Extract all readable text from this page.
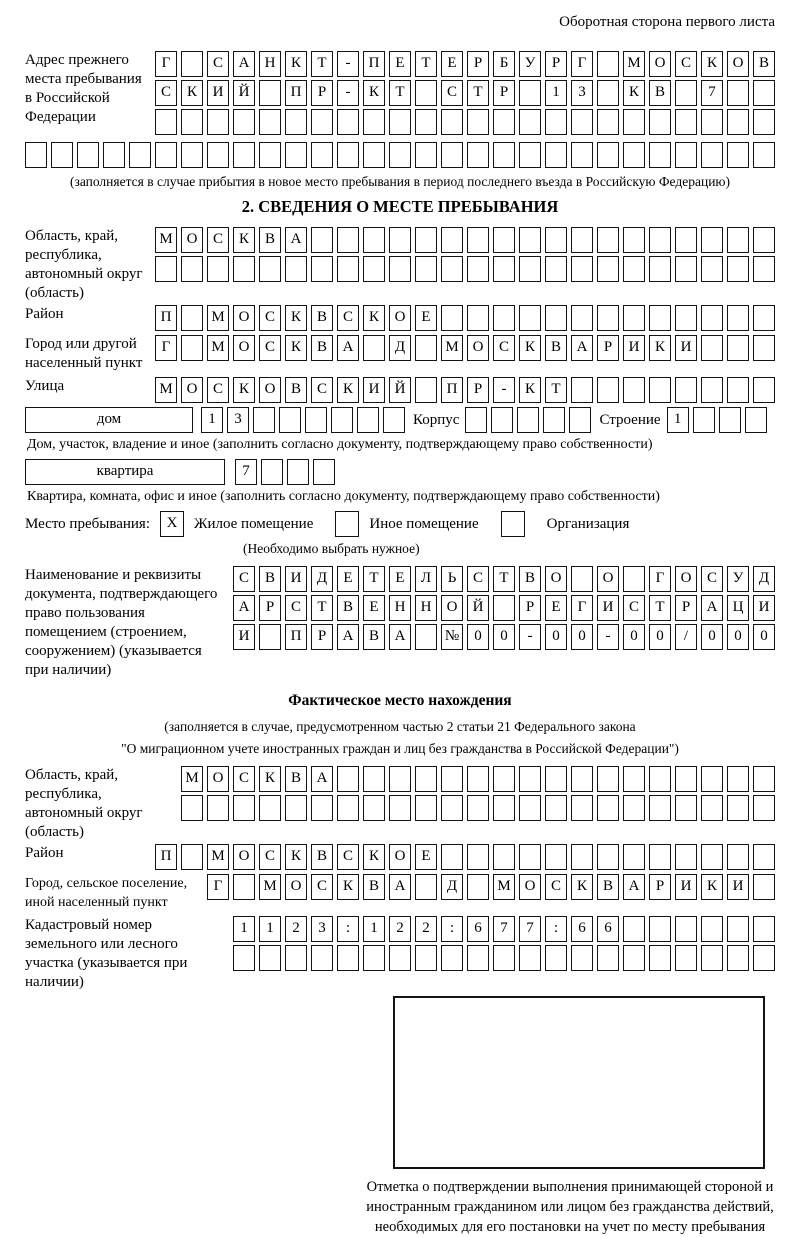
Оборотная сторона первого листа
Адрес прежнего места пребывания в Российской Федерации
Г	С	А	Н	К	Т	-	П	Е	Т	Е	Р	Б	У	Р	Г	М О	С	К	О	В
С	К	И	Й	П	Р	-	К	Т	С	Т	Р	1	3	К	В	7
(заполняется в случае прибытия в новое место пребывания в период последнего въезда в Российскую Федерацию)
2. СВЕДЕНИЯ О МЕСТЕ ПРЕБЫВАНИЯ
Область, край, республика, автономный округ (область)
М О	С	К	В	А
Район	П	М О	С	К	В	С	К	О	Е
Город или другой населенный пункт
Г	М О	С	К	В	А	Д	М О	С	К	В	А	Р	И	К	И
Улица	М О	С	К	О	В	С	К	И	Й	П	Р	-	К	Т
дом	1	3	Корпус	Строение 1
Дом, участок, владение и иное (заполнить согласно документу, подтверждающему право собственности)
квартира	7
Квартира, комната, офис и иное (заполнить согласно документу, подтверждающему право собственности)
Место пребывания:	X	Жилое помещение	Иное помещение	Организация
(Необходимо выбрать нужное)
Наименование и реквизиты документа, подтверждающего право пользования помещением (строением, сооружением) (указывается при наличии)
С	В	И	Д	Е	Т	Е	Л	Ь	С	Т	В	О	О	Г	О	С	У	Д
А	Р	С	Т	В	Е	Н	Н	О	Й	Р	Е	Г	И	С	Т	Р	А	Ц	И
И	П	Р	А	В	А	№	0	0	-	0	0	-	0	0	/	0	0	0
Фактическое место нахождения
(заполняется в случае, предусмотренном частью 2 статьи 21 Федерального закона
"О миграционном учете иностранных граждан и лиц без гражданства в Российской Федерации")
Область, край, республика, автономный округ (область)
М О	С	К	В	А
Район	П	М О	С	К	В	С	К	О	Е
Город, сельское поселение, иной населенный пункт
Г	М О	С	К	В	А	Д	М О	С	К	В	А	Р	И	К	И
Кадастровый номер земельного или лесного участка (указывается при наличии)
1	1	2	3	:	1	2	2	:	6	7	7	:	6	6
Отметка о подтверждении выполнения принимающей стороной и иностранным гражданином или лицом без гражданства действий, необходимых для его постановки на учет по месту пребывания
